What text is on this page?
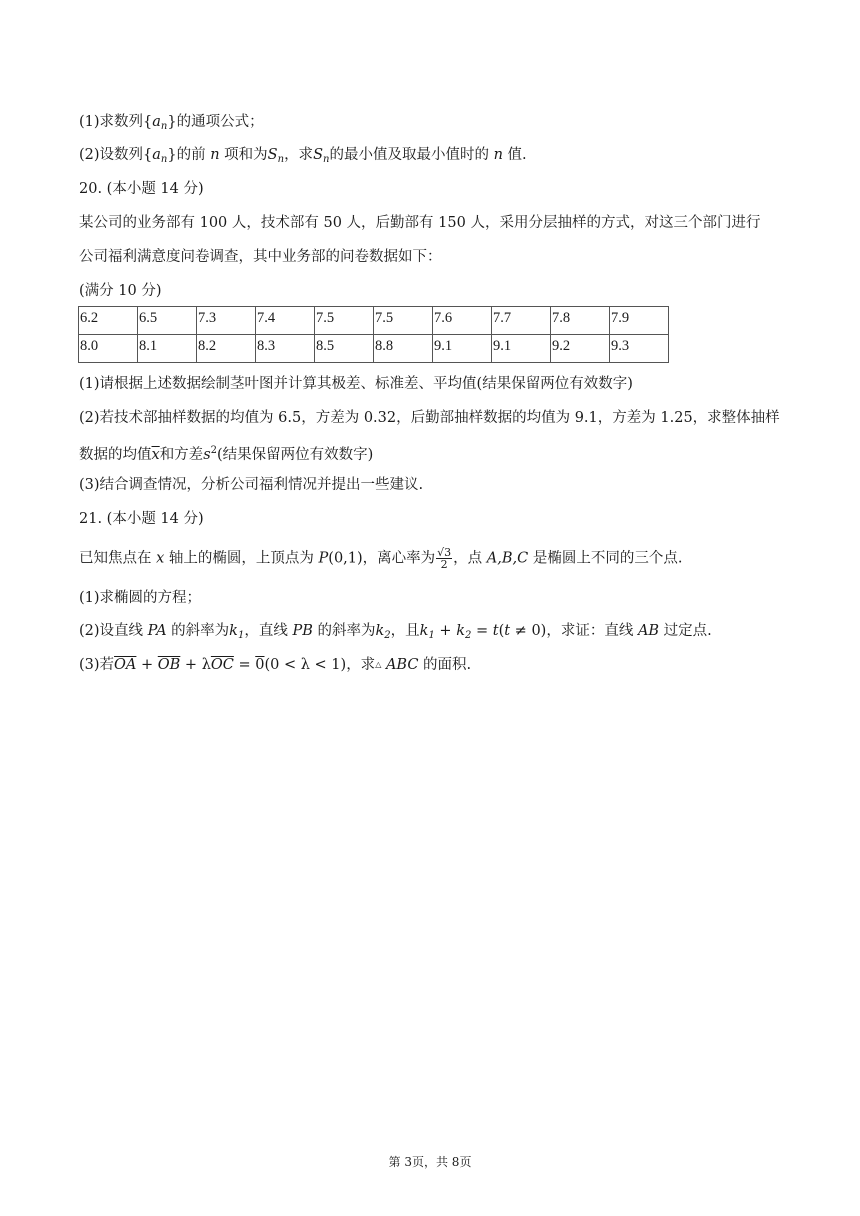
(1)求数列$\{a_n\}$的通项公式；
(2)设数列$\{a_n\}$的前 n 项和为$S_n$，求$S_n$的最小值及取最小值时的 n 值.
20. (本小题 14 分)
某公司的业务部有 100 人，技术部有 50 人，后勤部有 150 人，采用分层抽样的方式，对这三个部门进行
公司福利满意度问卷调查，其中业务部的问卷数据如下：
(满分 10 分)
6.2	6.5	7.3	7.4	7.5	7.5	7.6	7.7	7.8	7.9
8.0	8.1	8.2	8.3	8.5	8.8	9.1	9.1	9.2	9.3
(1)请根据上述数据绘制茎叶图并计算其极差、标准差、平均值(结果保留两位有效数字)
(2)若技术部抽样数据的均值为 6.5，方差为 0.32，后勤部抽样数据的均值为 9.1，方差为 1.25，求整体抽样
数据的均值$\overline{x}$和方差$s^2$(结果保留两位有效数字)
(3)结合调查情况，分析公司福利情况并提出一些建议.
21. (本小题 14 分)
已知焦点在 x 轴上的椭圆，上顶点为 P(0,1)，离心率为 $\frac{√3}{2}$ ，点 A,B,C 是椭圆上不同的三个点.
(1)求椭圆的方程；
(2)设直线 PA 的斜率为$k_1$，直线 PB 的斜率为$k_2$，且$k_1 + k_2 = t(t \ne 0)$，求证：直线 AB 过定点.
(3)若$\overline{OA} + \overline{OB} + \lambda\overline{OC} = 0(0 < \lambda < 1)$，求△ ABC 的面积.
第 3页，共 8页
